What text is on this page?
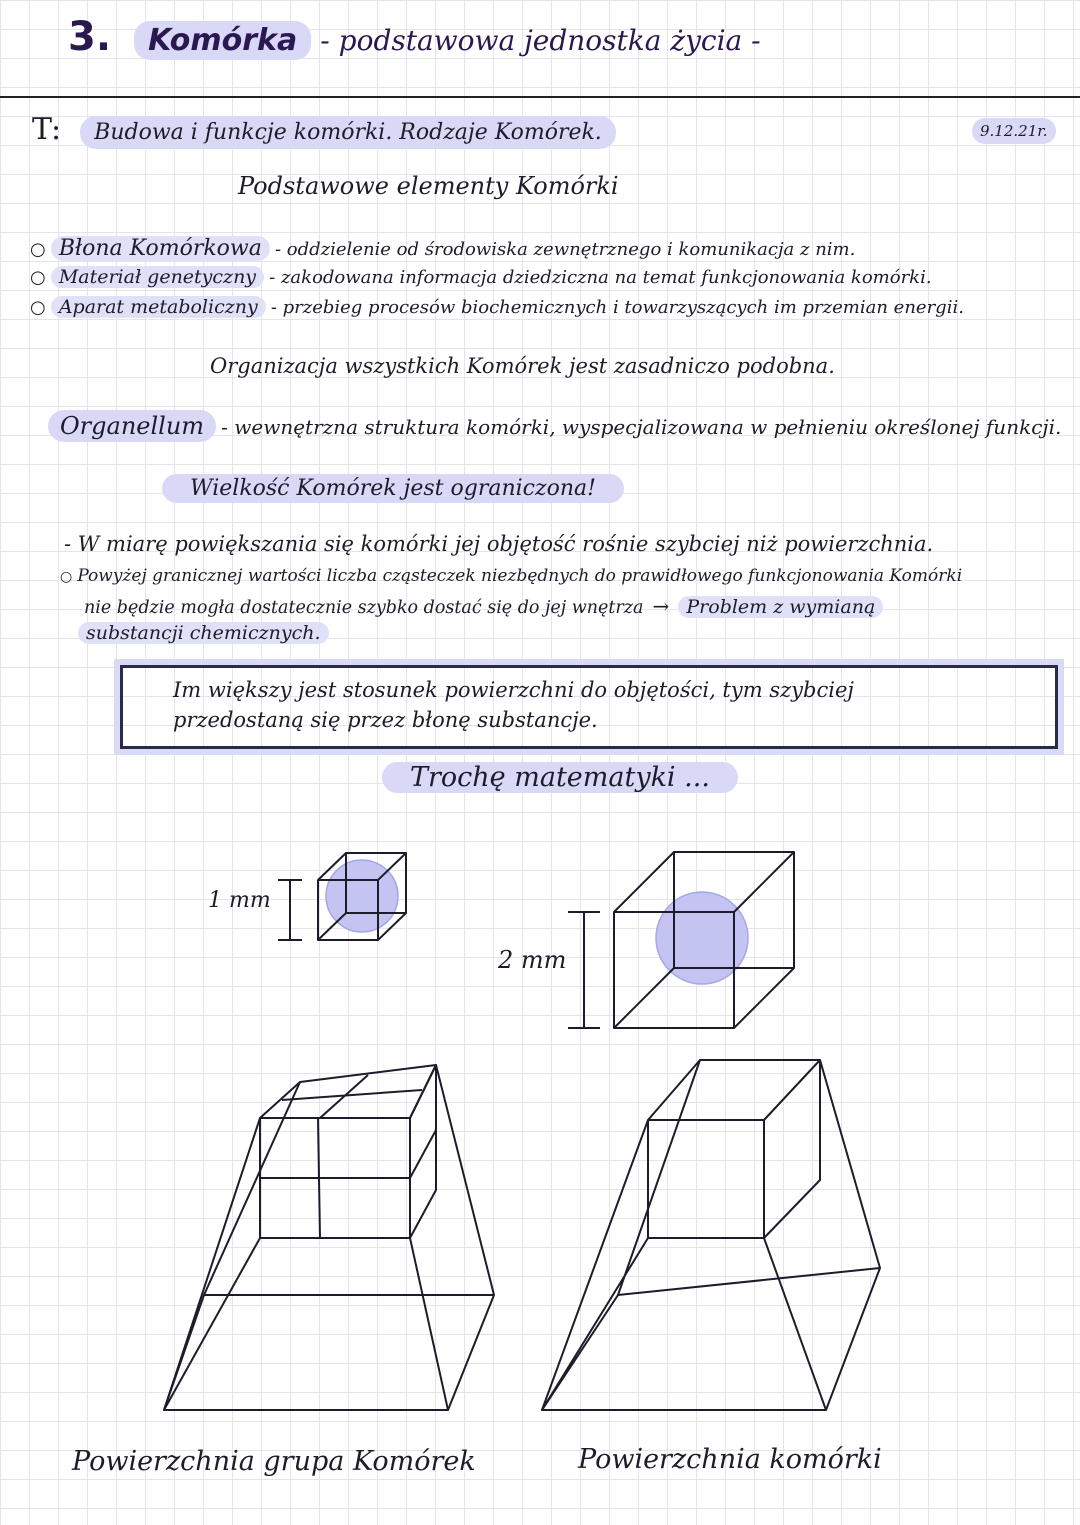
3. Komórka - podstawowa jednostka życia -
T: Budowa i funkcje komórki. Rodzaje Komórek.	9.12.21r.
Podstawowe elementy Komórki
○ Błona Komórkowa - oddzielenie od środowiska zewnętrznego i komunikacja z nim.
○ Materiał genetyczny - zakodowana informacja dziedziczna na temat funkcjonowania komórki.
○ Aparat metaboliczny - przebieg procesów biochemicznych i towarzyszących im przemian energii.
Organizacja wszystkich Komórek jest zasadniczo podobna.
Organellum - wewnętrzna struktura komórki, wyspecjalizowana w pełnieniu określonej funkcji.
Wielkość Komórek jest ograniczona!
- W miarę powiększania się komórki jej objętość rośnie szybciej niż powierzchnia.
○ Powyżej granicznej wartości liczba cząsteczek niezbędnych do prawidłowego funkcjonowania Komórki
nie będzie mogła dostatecznie szybko dostać się do jej wnętrza → Problem z wymianą
substancji chemicznych.
Im większy jest stosunek powierzchni do objętości, tym szybciej
przedostaną się przez błonę substancje.
Trochę matematyki ...
1 mm
2 mm
Powierzchnia grupa Komórek	Powierzchnia komórki
